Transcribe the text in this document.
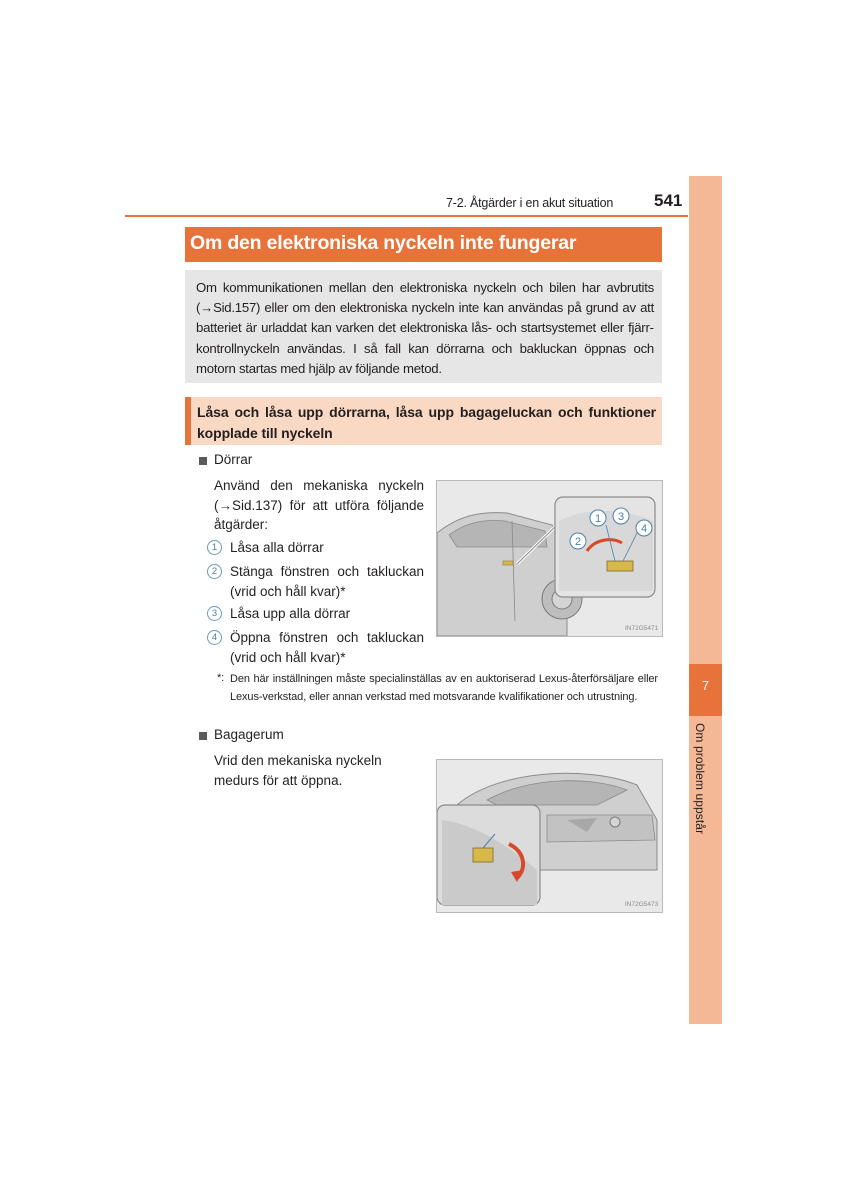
7-2. Åtgärder i en akut situation 541
7
Om problem uppstår
Om den elektroniska nyckeln inte fungerar
Om kommunikationen mellan den elektroniska nyckeln och bilen har avbrutits (→Sid.157) eller om den elektroniska nyckeln inte kan användas på grund av att batteriet är urladdat kan varken det elektroniska lås- och startsystemet eller fjärrkontrollnyckeln användas. I så fall kan dörrarna och bakluckan öppnas och motorn startas med hjälp av följande metod.
Låsa och låsa upp dörrarna, låsa upp bagageluckan och funktioner kopplade till nyckeln
Dörrar
Använd den mekaniska nyckeln (→Sid.137) för att utföra följande åtgärder:
1 Låsa alla dörrar
2 Stänga fönstren och takluckan (vrid och håll kvar)*
3 Låsa upp alla dörrar
4 Öppna fönstren och takluckan (vrid och håll kvar)*
1 3
2
4
IN72G5471
*: Den här inställningen måste specialinställas av en auktoriserad Lexus-återförsäljare eller Lexus-verkstad, eller annan verkstad med motsvarande kvalifikationer och utrustning.
Bagagerum
Vrid den mekaniska nyckeln medurs för att öppna.
IN72G5473
